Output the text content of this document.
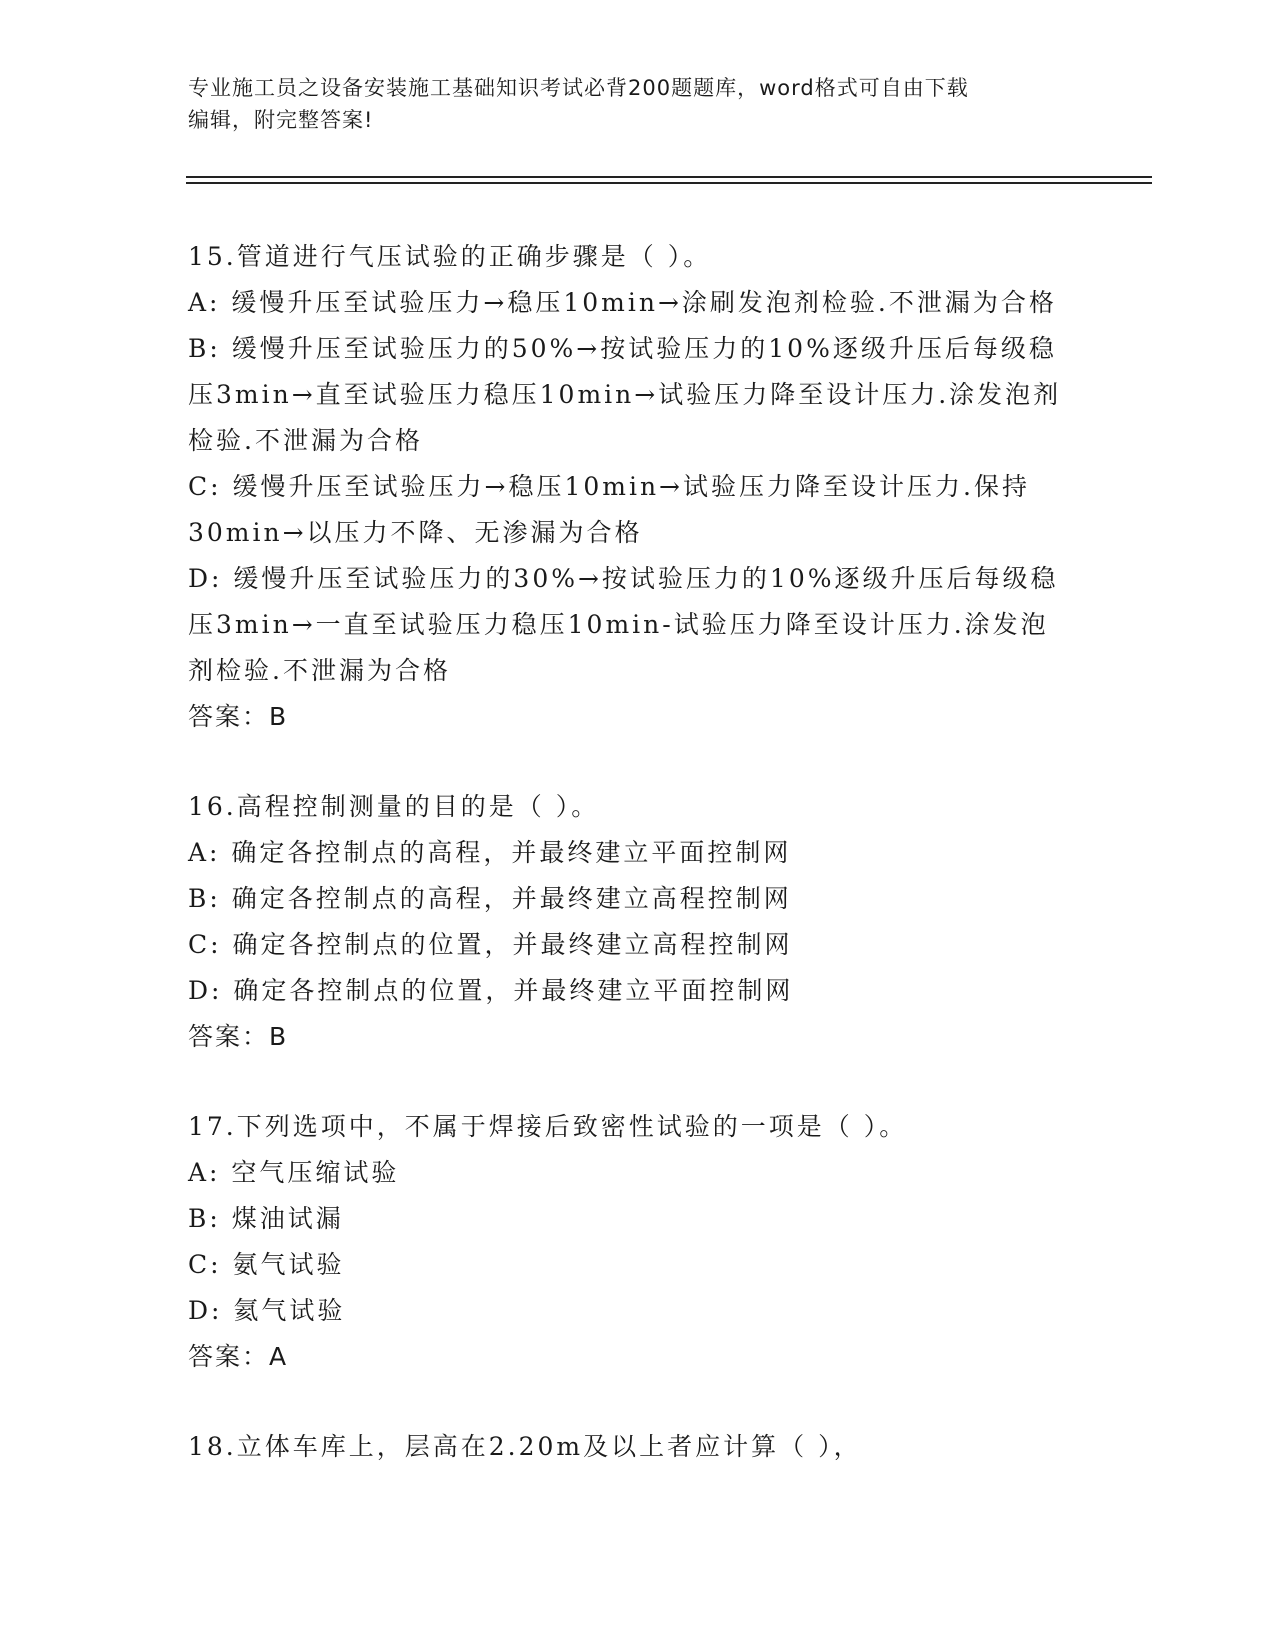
专业施工员之设备安装施工基础知识考试必背200题题库，word格式可自由下载
编辑，附完整答案!
15.管道进行气压试验的正确步骤是（ ）。
A: 缓慢升压至试验压力→稳压10min→涂刷发泡剂检验.不泄漏为合格
B: 缓慢升压至试验压力的50%→按试验压力的10%逐级升压后每级稳
压3min→直至试验压力稳压10min→试验压力降至设计压力.涂发泡剂
检验.不泄漏为合格
C: 缓慢升压至试验压力→稳压10min→试验压力降至设计压力.保持
30min→以压力不降、无渗漏为合格
D: 缓慢升压至试验压力的30%→按试验压力的10%逐级升压后每级稳
压3min→一直至试验压力稳压10min-试验压力降至设计压力.涂发泡
剂检验.不泄漏为合格
答案：B
16.高程控制测量的目的是（ ）。
A: 确定各控制点的高程，并最终建立平面控制网
B: 确定各控制点的高程，并最终建立高程控制网
C: 确定各控制点的位置，并最终建立高程控制网
D: 确定各控制点的位置，并最终建立平面控制网
答案：B
17.下列选项中，不属于焊接后致密性试验的一项是（ ）。
A: 空气压缩试验
B: 煤油试漏
C: 氨气试验
D: 氦气试验
答案：A
18.立体车库上，层高在2.20m及以上者应计算（ ），
